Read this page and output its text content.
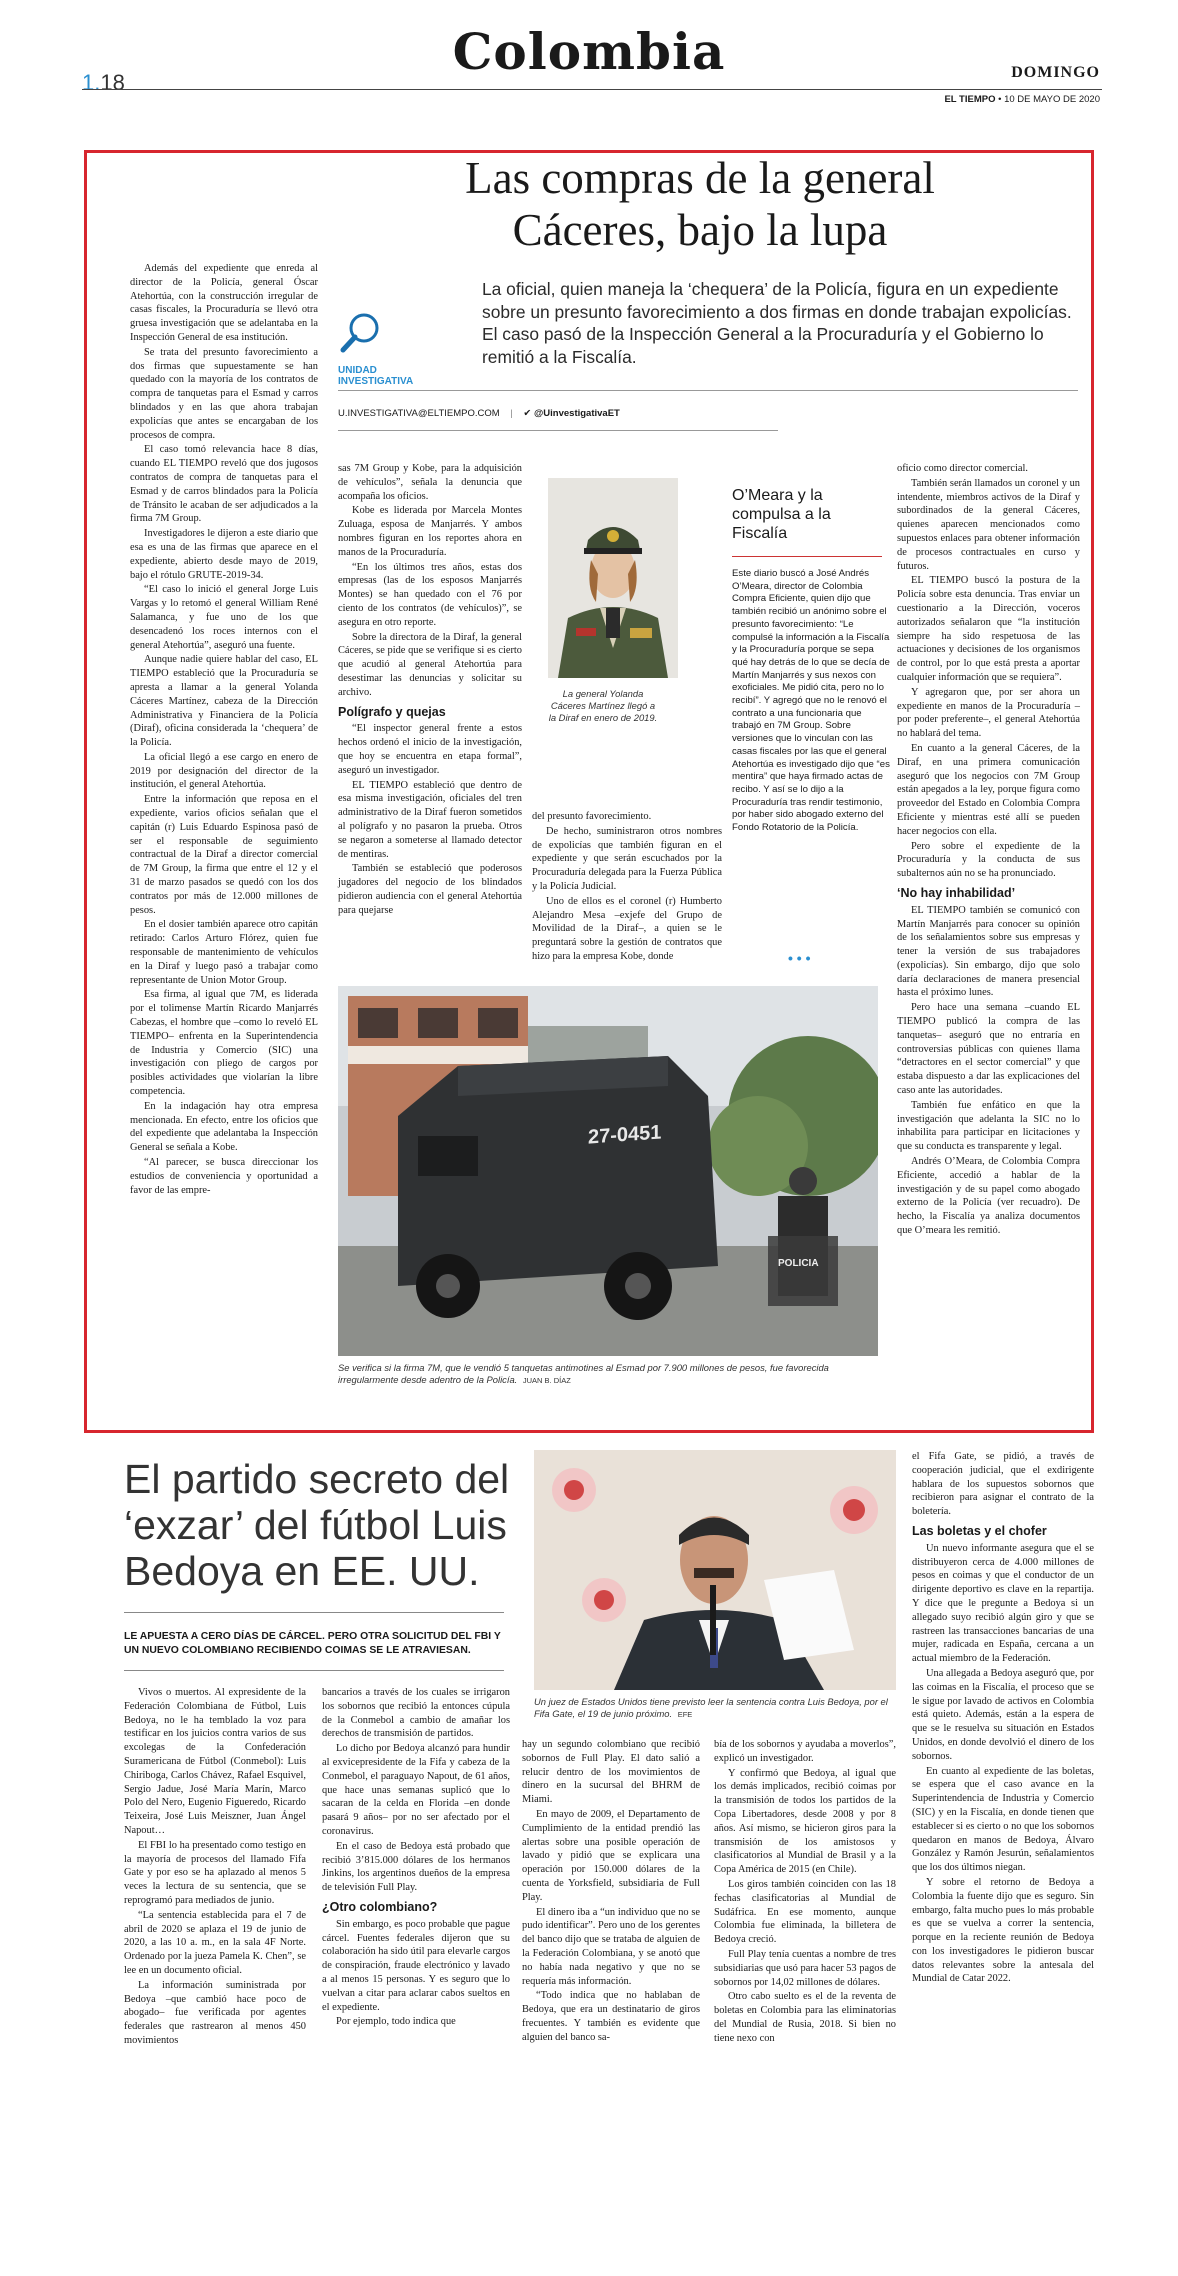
1.18
Colombia	DOMINGO
EL TIEMPO • 10 DE MAYO DE 2020
Las compras de la general
Cáceres, bajo la lupa
UNIDAD
INVESTIGATIVA
La oficial, quien maneja la ‘chequera’ de la Policía, figura en un expediente sobre un presunto favorecimiento a dos firmas en donde trabajan expolicías. El caso pasó de la Inspección General a la Procuraduría y el Gobierno lo remitió a la Fiscalía.
U.INVESTIGATIVA@ELTIEMPO.COM | ✔ @UinvestigativaET

Además del expediente que enreda al director de la Policía, general Óscar Atehortúa, con la construcción irregular de casas fiscales, la Procuraduría se llevó otra gruesa investigación que se adelantaba en la Inspección General de esa institución.

Se trata del presunto favorecimiento a dos firmas que supuestamente se han quedado con la mayoría de los contratos de compra de tanquetas para el Esmad y carros blindados y en las que ahora trabajan expolicías que antes se encargaban de los procesos de compra.

El caso tomó relevancia hace 8 días, cuando EL TIEMPO reveló que dos jugosos contratos de compra de tanquetas para el Esmad y de carros blindados para la Policía de Tránsito le acaban de ser adjudicados a la firma 7M Group.

Investigadores le dijeron a este diario que esa es una de las firmas que aparece en el expediente, abierto desde mayo de 2019, bajo el rótulo GRUTE-2019-34.

“El caso lo inició el general Jorge Luis Vargas y lo retomó el general William René Salamanca, y fue uno de los que desencadenó los roces internos con el general Atehortúa”, aseguró una fuente.

Aunque nadie quiere hablar del caso, EL TIEMPO estableció que la Procuraduría se apresta a llamar a la general Yolanda Cáceres Martínez, cabeza de la Dirección Administrativa y Financiera de la Policía (Diraf), oficina considerada la ‘chequera’ de la Policía.

La oficial llegó a ese cargo en enero de 2019 por designación del director de la institución, el general Atehortúa.

Entre la información que reposa en el expediente, varios oficios señalan que el capitán (r) Luis Eduardo Espinosa pasó de ser el responsable de seguimiento contractual de la Diraf a director comercial de 7M Group, la firma que entre el 12 y el 31 de marzo pasados se quedó con los dos contratos por más de 12.000 millones de pesos.

En el dosier también aparece otro capitán retirado: Carlos Arturo Flórez, quien fue responsable de mantenimiento de vehículos en la Diraf y luego pasó a trabajar como representante de Union Motor Group.

Esa firma, al igual que 7M, es liderada por el tolimense Martín Ricardo Manjarrés Cabezas, el hombre que –como lo reveló EL TIEMPO– enfrenta en la Superintendencia de Industria y Comercio (SIC) una investigación con pliego de cargos por posibles actividades que violarían la libre competencia.

En la indagación hay otra empresa mencionada. En efecto, entre los oficios que del expediente que adelantaba la Inspección General se señala a Kobe.

“Al parecer, se busca direccionar los estudios de conveniencia y oportunidad a favor de las empre-

sas 7M Group y Kobe, para la adquisición de vehículos”, señala la denuncia que acompaña los oficios.

Kobe es liderada por Marcela Montes Zuluaga, esposa de Manjarrés. Y ambos nombres figuran en los reportes ahora en manos de la Procuraduría.

“En los últimos tres años, estas dos empresas (las de los esposos Manjarrés Montes) se han quedado con el 76 por ciento de los contratos (de vehículos)”, se asegura en otro reporte.

Sobre la directora de la Diraf, la general Cáceres, se pide que se verifique si es cierto que acudió al general Atehortúa para desestimar las denuncias y solicitar su archivo.

Polígrafo y quejas

“El inspector general frente a estos hechos ordenó el inicio de la investigación, que hoy se encuentra en etapa formal”, aseguró un investigador.

EL TIEMPO estableció que dentro de esa misma investigación, oficiales del tren administrativo de la Diraf fueron sometidos al polígrafo y no pasaron la prueba. Otros se negaron a someterse al llamado detector de mentiras.

También se estableció que poderosos jugadores del negocio de los blindados pidieron audiencia con el general Atehortúa para quejarse

La general Yolanda Cáceres Martínez llegó a la Diraf en enero de 2019.
O’Meara y la compulsa a la Fiscalía
Este diario buscó a José Andrés O’Meara, director de Colombia Compra Eficiente, quien dijo que también recibió un anónimo sobre el presunto favorecimiento: “Le compulsé la información a la Fiscalía y la Procuraduría porque se sepa qué hay detrás de lo que se decía de Martín Manjarrés y sus nexos con exoficiales. Me pidió cita, pero no lo recibí”. Y agregó que no le renovó el contrato a una funcionaria que trabajó en 7M Group. Sobre versiones que lo vinculan con las casas fiscales por las que el general Atehortúa es investigado dijo que “es mentira” que haya firmado actas de recibo. Y así se lo dijo a la Procuraduría tras rendir testimonio, por haber sido abogado externo del Fondo Rotatorio de la Policía.
• • •

del presunto favorecimiento.

De hecho, suministraron otros nombres de expolicías que también figuran en el expediente y que serán escuchados por la Procuraduría delegada para la Fuerza Pública y la Policía Judicial.

Uno de ellos es el coronel (r) Humberto Alejandro Mesa –exjefe del Grupo de Movilidad de la Diraf–, a quien se le preguntará sobre la gestión de contratos que hizo para la empresa Kobe, donde

27-0451
POLICIA
Se verifica si la firma 7M, que le vendió 5 tanquetas antimotines al Esmad por 7.900 millones de pesos, fue favorecida irregularmente desde adentro de la Policía. JUAN B. DÍAZ

oficio como director comercial.

También serán llamados un coronel y un intendente, miembros activos de la Diraf y subordinados de la general Cáceres, quienes aparecen mencionados como supuestos enlaces para obtener información de procesos contractuales en curso y futuros.

EL TIEMPO buscó la postura de la Policía sobre esta denuncia. Tras enviar un cuestionario a la Dirección, voceros autorizados señalaron que “la institución siempre ha sido respetuosa de las actuaciones y decisiones de los organismos de control, por lo que está presta a aportar cualquier información que se requiera”.

Y agregaron que, por ser ahora un expediente en manos de la Procuraduría –por poder preferente–, el general Atehortúa no hablará del tema.

En cuanto a la general Cáceres, de la Diraf, en una primera comunicación aseguró que los negocios con 7M Group están apegados a la ley, porque figura como proveedor del Estado en Colombia Compra Eficiente y mientras esté allí se pueden hacer negocios con ella.

Pero sobre el expediente de la Procuraduría y la conducta de sus subalternos aún no se ha pronunciado.

‘No hay inhabilidad’

EL TIEMPO también se comunicó con Martín Manjarrés para conocer su opinión de los señalamientos sobre sus empresas y tener la versión de sus trabajadores (expolicías). Sin embargo, dijo que solo daría declaraciones de manera presencial hasta el próximo lunes.

Pero hace una semana –cuando EL TIEMPO publicó la compra de las tanquetas– aseguró que no entraría en controversias públicas con quienes llama “detractores en el sector comercial” y que estaba dispuesto a dar las explicaciones del caso ante las autoridades.

También fue enfático en que la investigación que adelanta la SIC no lo inhabilita para participar en licitaciones y que su conducta es transparente y legal.

Andrés O’Meara, de Colombia Compra Eficiente, accedió a hablar de la investigación y de su papel como abogado externo de la Policía (ver recuadro). De hecho, la Fiscalía ya analiza documentos que O’meara les remitió.

El partido secreto del
‘exzar’ del fútbol Luis
Bedoya en EE. UU.
LE APUESTA A CERO DÍAS DE CÁRCEL. PERO OTRA SOLICITUD DEL FBI Y UN NUEVO COLOMBIANO RECIBIENDO COIMAS SE LE ATRAVIESAN.
Un juez de Estados Unidos tiene previsto leer la sentencia contra Luis Bedoya, por el Fifa Gate, el 19 de junio próximo. EFE

Vivos o muertos. Al expresidente de la Federación Colombiana de Fútbol, Luis Bedoya, no le ha temblado la voz para testificar en los juicios contra varios de sus excolegas de la Confederación Suramericana de Fútbol (Conmebol): Luis Chiriboga, Carlos Chávez, Rafael Esquivel, Sergio Jadue, José María Marín, Marco Polo del Nero, Eugenio Figueredo, Ricardo Teixeira, José Luis Meiszner, Juan Ángel Napout…

El FBI lo ha presentado como testigo en la mayoría de procesos del llamado Fifa Gate y por eso se ha aplazado al menos 5 veces la lectura de su sentencia, que se reprogramó para mediados de junio.

“La sentencia establecida para el 7 de abril de 2020 se aplaza el 19 de junio de 2020, a las 10 a. m., en la sala 4F Norte. Ordenado por la jueza Pamela K. Chen”, se lee en un documento oficial.

La información suministrada por Bedoya –que cambió hace poco de abogado– fue verificada por agentes federales que rastrearon al menos 450 movimientos

bancarios a través de los cuales se irrigaron los sobornos que recibió la entonces cúpula de la Conmebol a cambio de amañar los derechos de transmisión de partidos.

Lo dicho por Bedoya alcanzó para hundir al exvicepresidente de la Fifa y cabeza de la Conmebol, el paraguayo Napout, de 61 años, que hace unas semanas suplicó que lo sacaran de la celda en Florida –en donde pasará 9 años– por no ser afectado por el coronavirus.

En el caso de Bedoya está probado que recibió 3’815.000 dólares de los hermanos Jinkins, los argentinos dueños de la empresa de televisión Full Play.

¿Otro colombiano?

Sin embargo, es poco probable que pague cárcel. Fuentes federales dijeron que su colaboración ha sido útil para elevarle cargos de conspiración, fraude electrónico y lavado a al menos 15 personas. Y es seguro que lo vuelvan a citar para aclarar cabos sueltos en el expediente.

Por ejemplo, todo indica que

hay un segundo colombiano que recibió sobornos de Full Play. El dato salió a relucir dentro de los movimientos de dinero en la sucursal del BHRM de Miami.

En mayo de 2009, el Departamento de Cumplimiento de la entidad prendió las alertas sobre una posible operación de lavado y pidió que se explicara una operación por 150.000 dólares de la cuenta de Yorksfield, subsidiaria de Full Play.

El dinero iba a “un individuo que no se pudo identificar”. Pero uno de los gerentes del banco dijo que se trataba de alguien de la Federación Colombiana, y se anotó que no había nada negativo y que no se requería más información.

“Todo indica que no hablaban de Bedoya, que era un destinatario de giros frecuentes. Y también es evidente que alguien del banco sa-

bía de los sobornos y ayudaba a moverlos”, explicó un investigador.

Y confirmó que Bedoya, al igual que los demás implicados, recibió coimas por la transmisión de todos los partidos de la Copa Libertadores, desde 2008 y por 8 años. Así mismo, se hicieron giros para la transmisión de los amistosos y clasificatorios al Mundial de Brasil y a la Copa América de 2015 (en Chile).

Los giros también coinciden con las 18 fechas clasificatorias al Mundial de Sudáfrica. En ese momento, aunque Colombia fue eliminada, la billetera de Bedoya creció.

Full Play tenía cuentas a nombre de tres subsidiarias que usó para hacer 53 pagos de sobornos por 14,02 millones de dólares.

Otro cabo suelto es el de la reventa de boletas en Colombia para las eliminatorias del Mundial de Rusia, 2018. Si bien no tiene nexo con

el Fifa Gate, se pidió, a través de cooperación judicial, que el exdirigente hablara de los supuestos sobornos que recibieron para asignar el contrato de la boletería.

Las boletas y el chofer

Un nuevo informante asegura que el se distribuyeron cerca de 4.000 millones de pesos en coimas y que el conductor de un dirigente deportivo es clave en la repartija. Y dice que le pregunte a Bedoya si un allegado suyo recibió algún giro y que se rastreen las transacciones bancarias de una mujer, radicada en España, cercana a un actual miembro de la Federación.

Una allegada a Bedoya aseguró que, por las coimas en la Fiscalía, el proceso que se le sigue por lavado de activos en Colombia está quieto. Además, están a la espera de que se le resuelva su situación en Estados Unidos, en donde devolvió el dinero de los sobornos.

En cuanto al expediente de las boletas, se espera que el caso avance en la Superintendencia de Industria y Comercio (SIC) y en la Fiscalía, en donde tienen que establecer si es cierto o no que los sobornos quedaron en manos de Bedoya, Álvaro González y Ramón Jesurún, señalamientos que los dos últimos niegan.

Y sobre el retorno de Bedoya a Colombia la fuente dijo que es seguro. Sin embargo, falta mucho pues lo más probable es que se vuelva a correr la sentencia, porque en la reciente reunión de Bedoya con los investigadores le pidieron buscar datos relevantes sobre la antesala del Mundial de Catar 2022.
